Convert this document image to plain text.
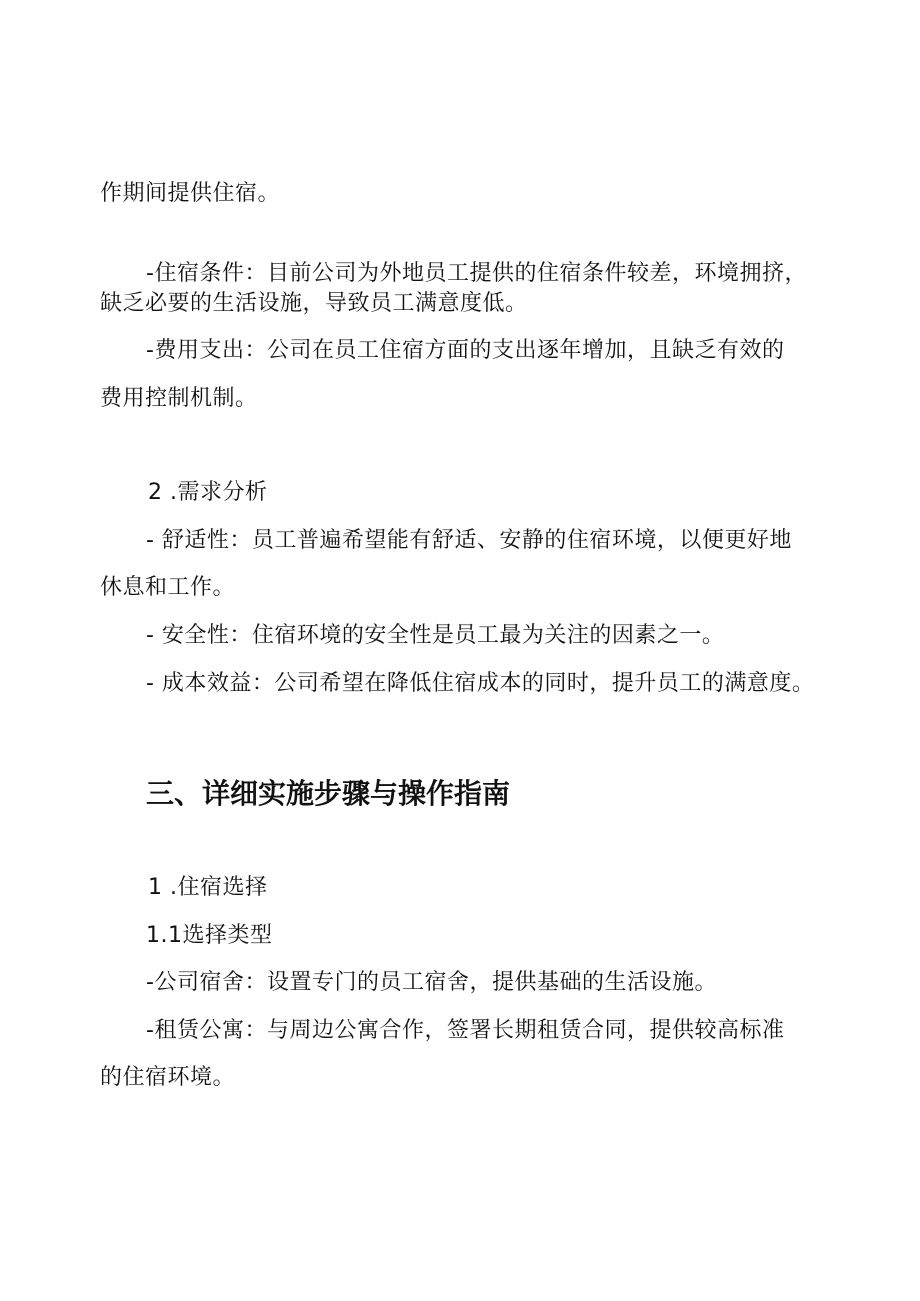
作期间提供住宿。
-住宿条件：目前公司为外地员工提供的住宿条件较差，环境拥挤，
缺乏必要的生活设施，导致员工满意度低。
-费用支出：公司在员工住宿方面的支出逐年增加，且缺乏有效的
费用控制机制。
2 .需求分析
- 舒适性：员工普遍希望能有舒适、安静的住宿环境，以便更好地
休息和工作。
- 安全性：住宿环境的安全性是员工最为关注的因素之一。
- 成本效益：公司希望在降低住宿成本的同时，提升员工的满意度。
三、详细实施步骤与操作指南
1 .住宿选择
1.1选择类型
-公司宿舍：设置专门的员工宿舍，提供基础的生活设施。
-租赁公寓：与周边公寓合作，签署长期租赁合同，提供较高标准
的住宿环境。
